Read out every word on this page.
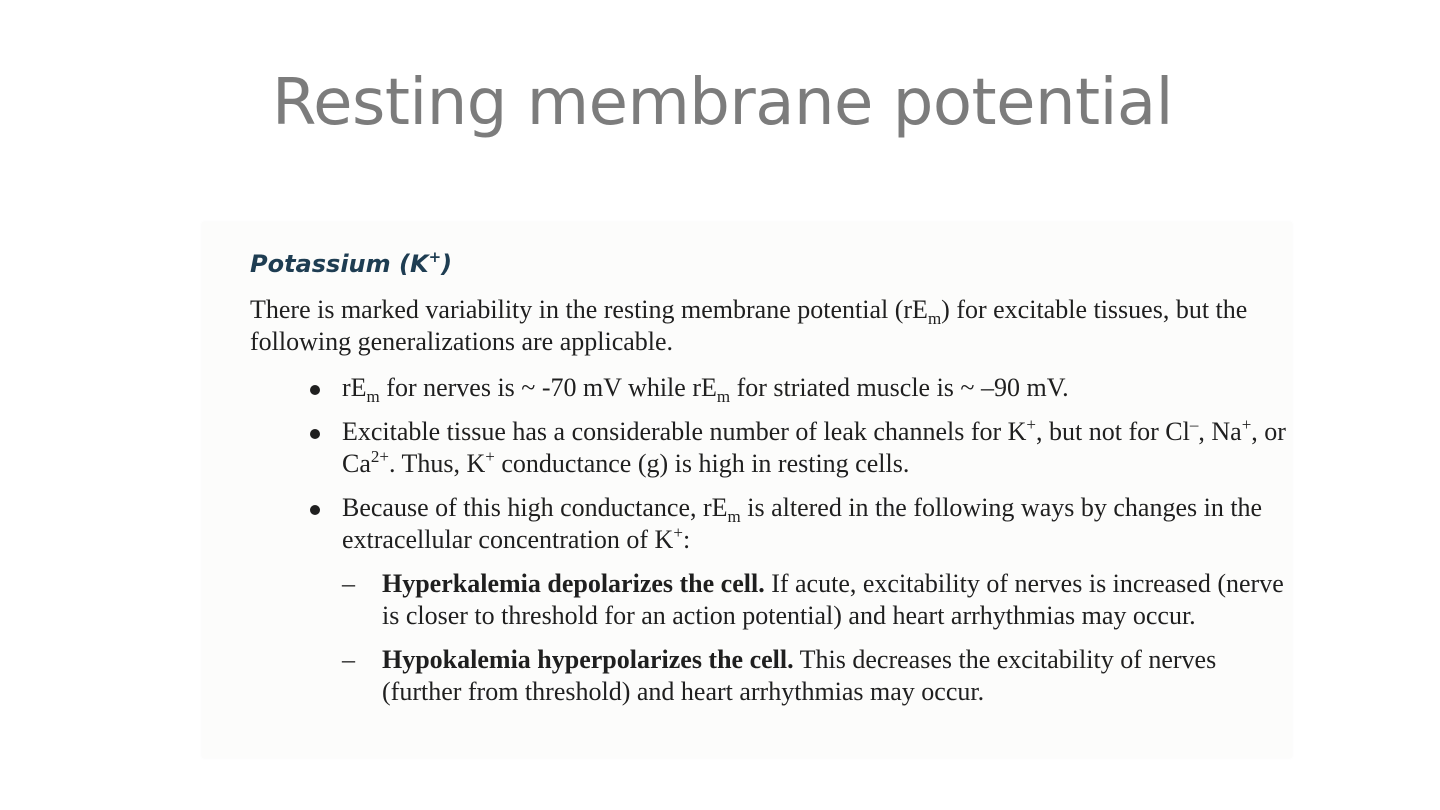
Resting membrane potential
Potassium (K+)

There is marked variability in the resting membrane potential $(rE_m)$ for excitable tissues, but the following generalizations are applicable.

$rE_m$ for nerves is ~ -70 mV while $rE_m$ for striated muscle is ~ –90 mV.
Excitable tissue has a considerable number of leak channels for K+, but not for Cl–, Na+, or $Ca^{2+}$. Thus, K+ conductance (g) is high in resting cells.
Because of this high conductance, $rE_m$ is altered in the following ways by changes in the extracellular concentration of K+:
– Hyperkalemia depolarizes the cell. If acute, excitability of nerves is increased (nerve is closer to threshold for an action potential) and heart arrhythmias may occur.
– Hypokalemia hyperpolarizes the cell. This decreases the excitability of nerves (further from threshold) and heart arrhythmias may occur.
